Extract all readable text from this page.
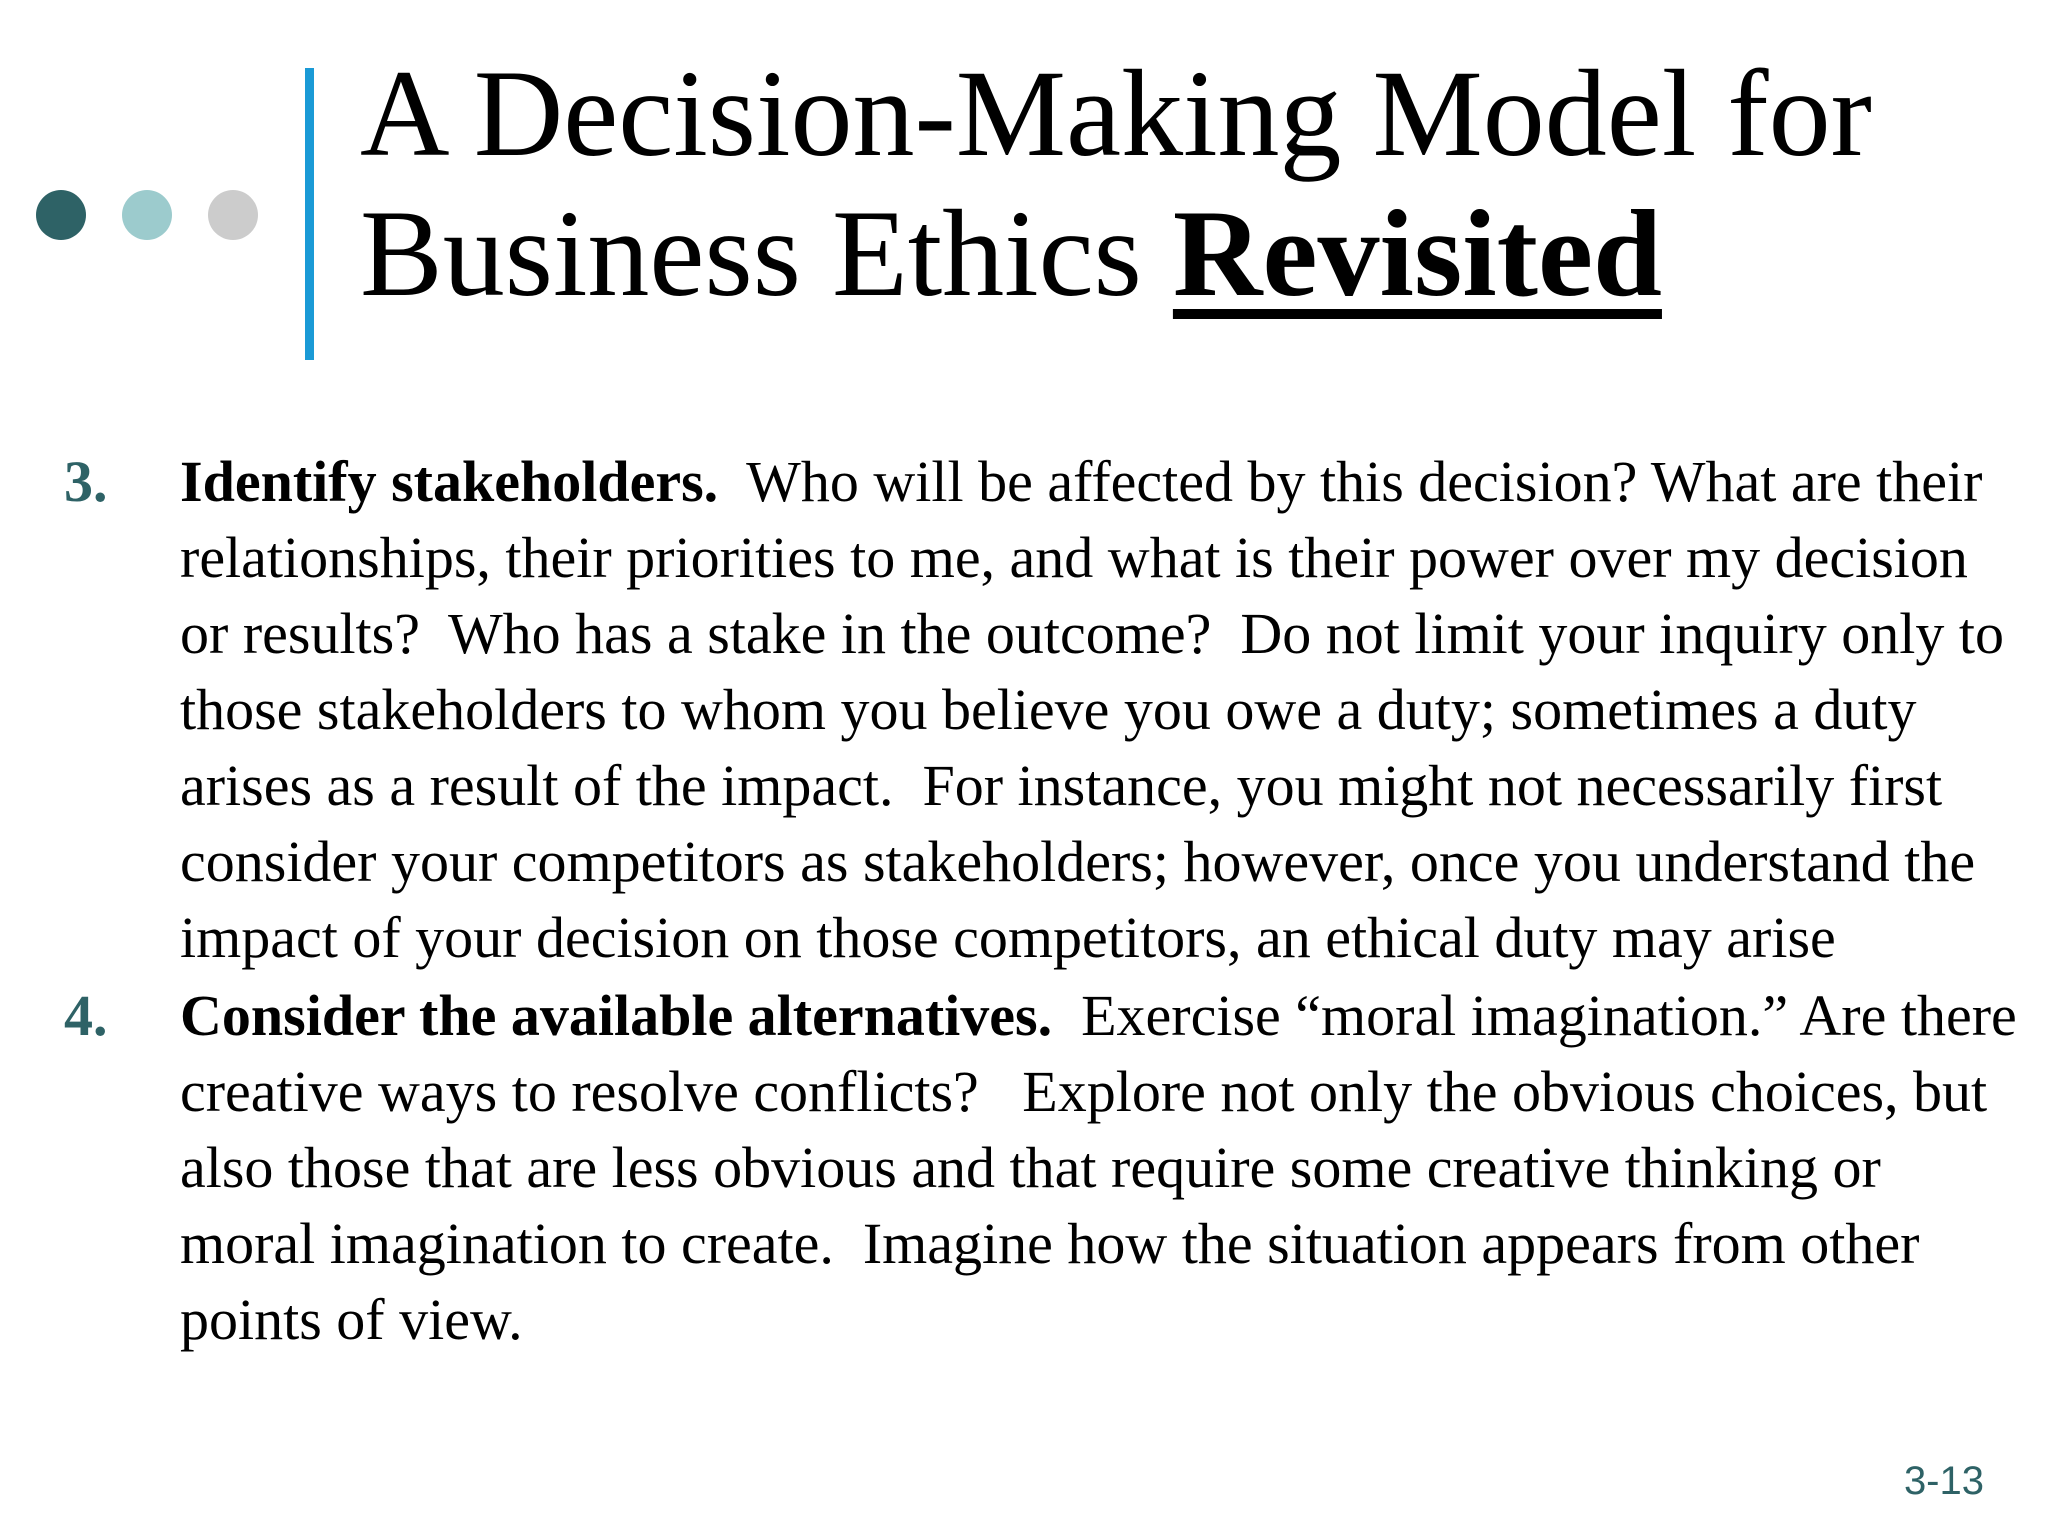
A Decision-Making Model for
Business Ethics Revisited

3. Identify stakeholders.  Who will be affected by this decision? What are their relationships, their priorities to me, and what is their power over my decision or results?  Who has a stake in the outcome?  Do not limit your inquiry only to those stakeholders to whom you believe you owe a duty; sometimes a duty arises as a result of the impact.  For instance, you might not necessarily first consider your competitors as stakeholders; however, once you understand the impact of your decision on those competitors, an ethical duty may arise

4. Consider the available alternatives.  Exercise “moral imagination.” Are there creative ways to resolve conflicts?   Explore not only the obvious choices, but also those that are less obvious and that require some creative thinking or moral imagination to create.  Imagine how the situation appears from other points of view.

3-13
